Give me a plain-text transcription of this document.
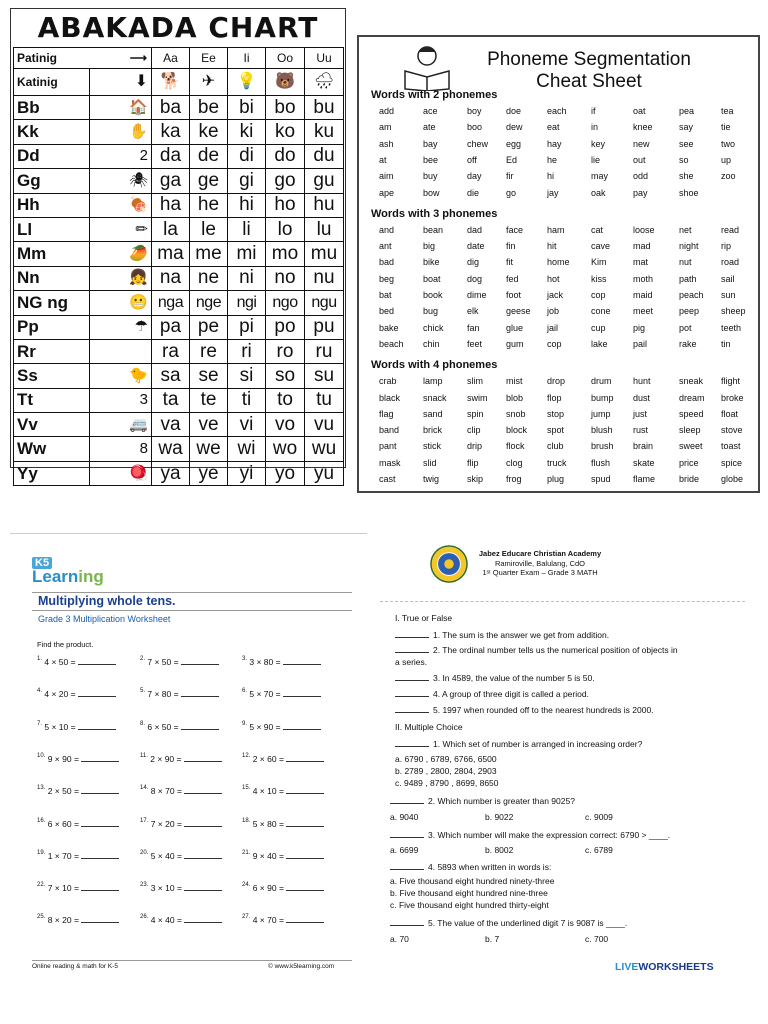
ABAKADA CHART
Patinig ⟶		Aa	Ee	Ii	Oo	Uu
Katinig	⬇	🐕	✈	💡	🐻	🌧
Bb	🏠	ba	be	bi	bo	bu
Kk	✋	ka	ke	ki	ko	ku
Dd	2	da	de	di	do	du
Gg	🕷	ga	ge	gi	go	gu
Hh	🍖	ha	he	hi	ho	hu
Ll	✏	la	le	li	lo	lu
Mm	🥭	ma	me	mi	mo	mu
Nn	👧	na	ne	ni	no	nu
NG ng	😬	nga	nge	ngi	ngo	ngu
Pp	☂	pa	pe	pi	po	pu
Rr		ra	re	ri	ro	ru
Ss	🐤	sa	se	si	so	su
Tt	3	ta	te	ti	to	tu
Vv	🚐	va	ve	vi	vo	vu
Ww	8	wa	we	wi	wo	wu
Yy	🪀	ya	ye	yi	yo	yu
Phoneme Segmentation
Cheat Sheet
Words with 2 phonemes
add	ace	boy	doe	each	if	oat	pea	tea
am	ate	boo	dew	eat	in	knee	say	tie
ash	bay	chew	egg	hay	key	new	see	two
at	bee	off	Ed	he	lie	out	so	up
aim	buy	day	fir	hi	may	odd	she	zoo
ape	bow	die	go	jay	oak	pay	shoe
Words with 3 phonemes
and	bean	dad	face	ham	cat	loose	net	read
ant	big	date	fin	hit	cave	mad	night	rip
bad	bike	dig	fit	home	Kim	mat	nut	road
beg	boat	dog	fed	hot	kiss	moth	path	sail
bat	book	dime	foot	jack	cop	maid	peach	sun
bed	bug	elk	geese	job	cone	meet	peep	sheep
bake	chick	fan	glue	jail	cup	pig	pot	teeth
beach	chin	feet	gum	cop	lake	pail	rake	tin
Words with 4 phonemes
crab	lamp	slim	mist	drop	drum	hunt	sneak	flight
black	snack	swim	blob	flop	bump	dust	dream	broke
flag	sand	spin	snob	stop	jump	just	speed	float
band	brick	clip	block	spot	blush	rust	sleep	stove
pant	stick	drip	flock	club	brush	brain	sweet	toast
mask	slid	flip	clog	truck	flush	skate	price	spice
cast	twig	skip	frog	plug	spud	flame	bride	globe
K5
Learning
Multiplying whole tens.
Grade 3 Multiplication Worksheet
Find the product.
$^{1.}$ 4 × 50 =	$^{2.}$ 7 × 50 =	$^{3.}$ 3 × 80 =
$^{4.}$ 4 × 20 =	$^{5.}$ 7 × 80 =	$^{6.}$ 5 × 70 =
$^{7.}$ 5 × 10 =	$^{8.}$ 6 × 50 =	$^{9.}$ 5 × 90 =
$^{10.}$ 9 × 90 =	$^{11.}$ 2 × 90 =	$^{12.}$ 2 × 60 =
$^{13.}$ 2 × 50 =	$^{14.}$ 8 × 70 =	$^{15.}$ 4 × 10 =
$^{16.}$ 6 × 60 =	$^{17.}$ 7 × 20 =	$^{18.}$ 5 × 80 =
$^{19.}$ 1 × 70 =	$^{20.}$ 5 × 40 =	$^{21.}$ 9 × 40 =
$^{22.}$ 7 × 10 =	$^{23.}$ 3 × 10 =	$^{24.}$ 6 × 90 =
$^{25.}$ 8 × 20 =	$^{26.}$ 4 × 40 =	$^{27.}$ 4 × 70 =
Online reading & math for K-5	© www.k5learning.com
Jabez Educare Christian Academy
Ramiroville, Balulang, CdO
1ˢᵗ Quarter Exam – Grade 3 MATH
I. True or False
1. The sum is the answer we get from addition.
2. The ordinal number tells us the numerical position of objects in
a series.
3. In 4589, the value of the number 5 is 50.
4. A group of three digit is called a period.
5. 1997 when rounded off to the nearest hundreds is 2000.
II. Multiple Choice
1. Which set of number is arranged in increasing order?
a. 6790 , 6789, 6766, 6500
b. 2789 , 2800, 2804, 2903
c. 9489 , 8790 , 8699, 8650
2. Which number is greater than 9025?
a. 9040	b. 9022	c. 9009
3. Which number will make the expression correct: 6790 > ____.
a. 6699	b. 8002	c. 6789
4. 5893 when written in words is:
a. Five thousand eight hundred ninety-three
b. Five thousand eight hundred nine-three
c. Five thousand eight hundred thirty-eight
5. The value of the underlined digit 7 is 9087 is ____.
a. 70	b. 7	c. 700
LIVEWORKSHEETS
